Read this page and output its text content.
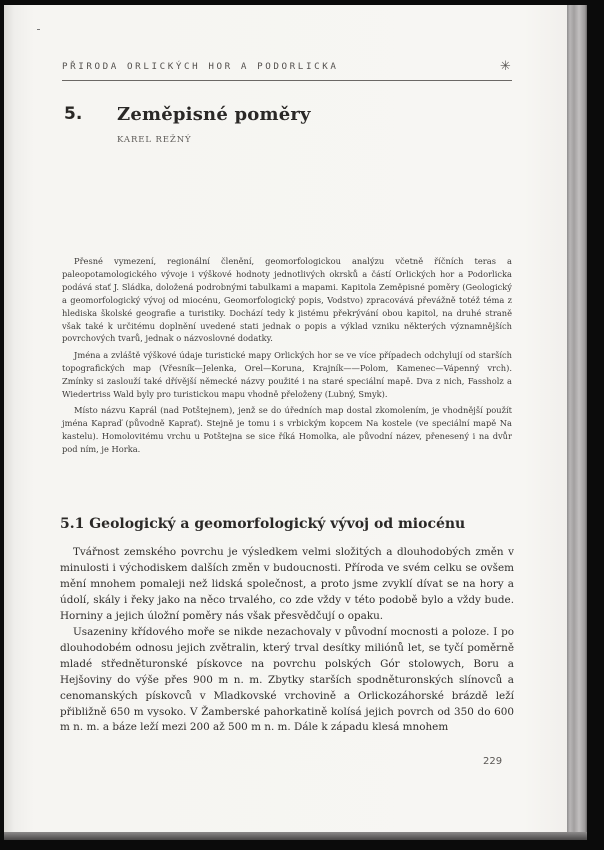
PŘIRODA ORLICKÝCH HOR A PODORLICKA	✳
5. Zeměpisné poměry
KAREL REŽNÝ

Přesné vymezení, regionální členění, geomorfologickou analýzu včetně říčních teras a paleopotamologického vývoje i výškové hodnoty jednotlivých okrsků a částí Orlických hor a Podorlicka podává stať J. Sládka, doložená podrobnými tabulkami a mapami. Kapitola Zeměpisné poměry (Geologický a geomorfologický vývoj od miocénu, Geomorfologický popis, Vodstvo) zpracovává převážně totéž téma z hlediska školské geografie a turistiky. Dochází tedy k jistému překrývání obou kapitol, na druhé straně však také k určitému doplnění uvedené stati jednak o popis a výklad vzniku některých významnějších povrchových tvarů, jednak o názvoslovné dodatky.

Jména a zvláště výškové údaje turistické mapy Orlických hor se ve více případech odchylují od starších topografických map (Vřesník—Jelenka, Orel—Koruna, Krajník——Polom, Kamenec—Vápenný vrch). Zmínky si zaslouží také dřívější německé názvy použité i na staré speciální mapě. Dva z nich, Fassholz a Wiedertriss Wald byly pro turistickou mapu vhodně přeloženy (Lubný, Smyk).

Místo názvu Kaprál (nad Potštejnem), jenž se do úředních map dostal zkomolením, je vhodnější použít jména Kapraď (původně Kaprať). Stejně je tomu i s vrbickým kopcem Na kostele (ve speciální mapě Na kastelu). Homolovitému vrchu u Potštejna se sice říká Homolka, ale původní název, přenesený i na dvůr pod ním, je Horka.

5.1 Geologický a geomorfologický vývoj od miocénu

Tvářnost zemského povrchu je výsledkem velmi složitých a dlouhodobých změn v minulosti i východiskem dalších změn v budoucnosti. Příroda ve svém celku se ovšem mění mnohem pomaleji než lidská společnost, a proto jsme zvyklí dívat se na hory a údolí, skály i řeky jako na něco trvalého, co zde vždy v této podobě bylo a vždy bude. Horniny a jejich úložní poměry nás však přesvědčují o opaku.

Usazeniny křídového moře se nikde nezachovaly v původní mocnosti a poloze. I po dlouhodobém odnosu jejich zvětralin, který trval desítky miliónů let, se tyčí poměrně mladé středněturonské pískovce na povrchu polských Gór stolowych, Boru a Hejšoviny do výše přes 900 m n. m. Zbytky starších spodněturonských slínovců a cenomanských pískovců v Mladkovské vrchovině a Orlickozáhorské brázdě leží přibližně 650 m vysoko. V Žamberské pahorkatině kolísá jejich povrch od 350 do 600 m n. m. a báze leží mezi 200 až 500 m n. m. Dále k západu klesá mnohem

229
